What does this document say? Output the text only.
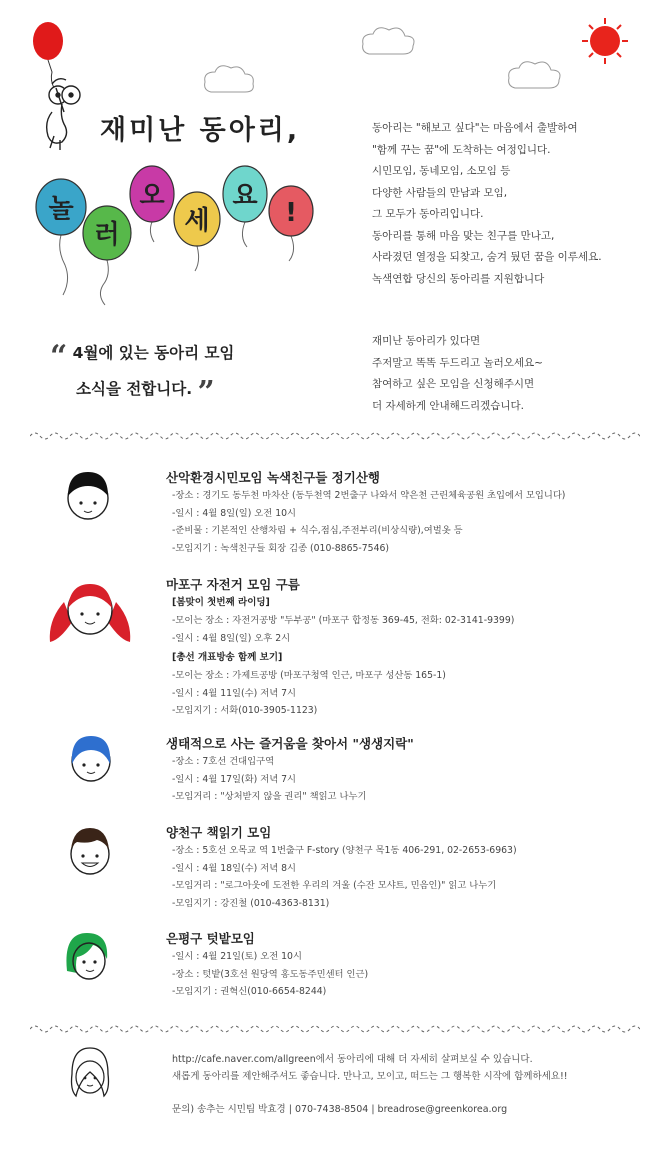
놀
러
오
세
요
!
재미난 동아리,	동아리는 "해보고 싶다"는 마음에서 출발하여
"함께 꾸는 꿈"에 도착하는 여정입니다.
시민모임, 동네모임, 소모임 등
다양한 사람들의 만남과 모임,
그 모두가 동아리입니다.
동아리를 통해 마음 맞는 친구를 만나고,
사라졌던 열정을 되찾고, 숨겨 뒀던 꿈을 이루세요.
녹색연합 당신의 동아리를 지원합니다
“ 4월에 있는 동아리 모임
소식을 전합니다. ”
재미난 동아리가 있다면
주저말고 똑똑 두드리고 놀러오세요~
참여하고 싶은 모임을 신청해주시면
더 자세하게 안내해드리겠습니다.
산악환경시민모임 녹색친구들 정기산행
-장소 : 경기도 동두천 마차산 (동두천역 2번출구 나와서 약은천 근린체육공원 초입에서 모입니다)
-일시 : 4월 8일(일) 오전 10시
-준비물 : 기본적인 산행차림 + 식수,점심,주전부리(비상식량),여벌옷 등
-모임지기 : 녹색친구들 회장 김종 (010-8865-7546)
마포구 자전거 모임 구름
[봄맞이 첫번째 라이딩]
-모이는 장소 : 자전거공방 "두부공" (마포구 합정동 369-45, 전화: 02-3141-9399)
-일시 : 4월 8일(일) 오후 2시
[총선 개표방송 함께 보기]
-모이는 장소 : 가제트공방 (마포구청역 인근, 마포구 성산동 165-1)
-일시 : 4월 11일(수) 저녁 7시
-모임지기 : 서화(010-3905-1123)
생태적으로 사는 즐거움을 찾아서 "생생지락"
-장소 : 7호선 건대입구역
-일시 : 4월 17일(화) 저녁 7시
-모임거리 : "상처받지 않을 권리" 책읽고 나누기
양천구 책읽기 모임
-장소 : 5호선 오목교 역 1번출구 F-story (양천구 목1동 406-291, 02-2653-6963)
-일시 : 4월 18일(수) 저녁 8시
-모임거리 : "로그아웃에 도전한 우리의 겨울 (수잔 모샤트, 민음인)" 읽고 나누기
-모임지기 : 강진철 (010-4363-8131)
은평구 텃밭모임
-일시 : 4월 21일(토) 오전 10시
-장소 : 텃밭(3호선 원당역 홍도동주민센터 인근)
-모임지기 : 권혁신(010-6654-8244)
http://cafe.naver.com/allgreen에서 동아리에 대해 더 자세히 살펴보실 수 있습니다.
새롭게 동아리를 제안해주셔도 좋습니다. 만나고, 모이고, 떠드는 그 행복한 시작에 함께하세요!!
문의) 송추는 시민팀 박효경 | 070-7438-8504 | breadrose@greenkorea.org
